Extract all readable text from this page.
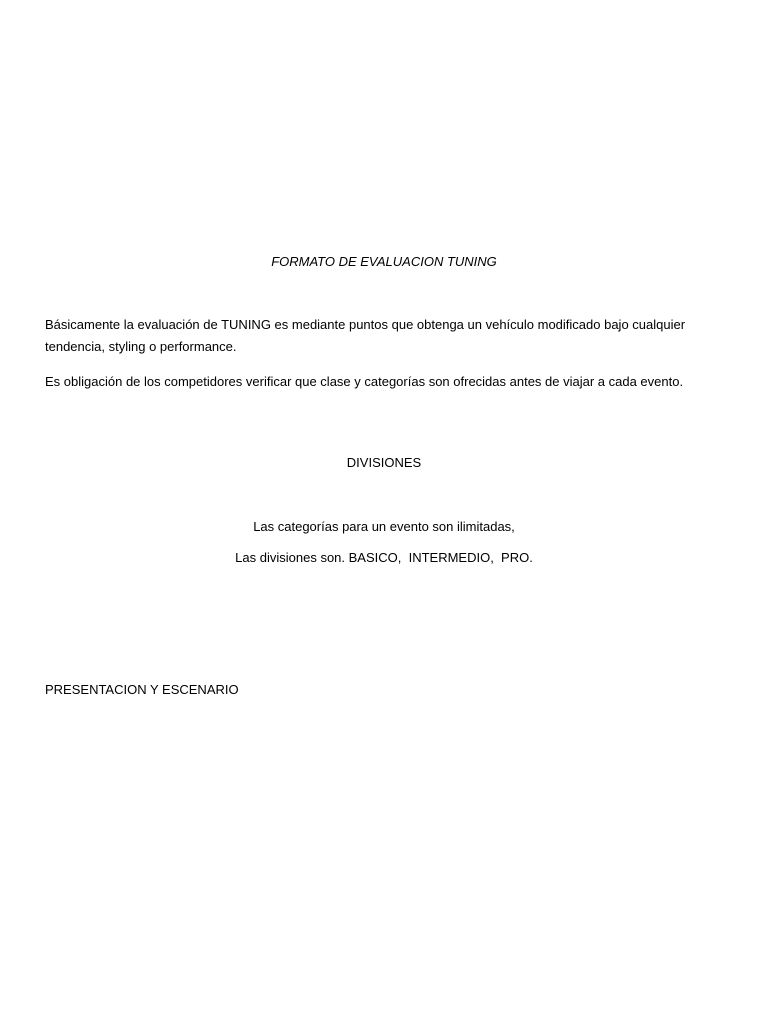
FORMATO DE EVALUACION TUNING

Básicamente la evaluación de TUNING es mediante puntos que obtenga un vehículo modificado bajo cualquier tendencia, styling o performance.

Es obligación de los competidores verificar que clase y categorías son ofrecidas antes de viajar a cada evento.

DIVISIONES

Las categorías para un evento son ilimitadas,

Las divisiones son. BASICO,  INTERMEDIO,  PRO.

PRESENTACION Y ESCENARIO
